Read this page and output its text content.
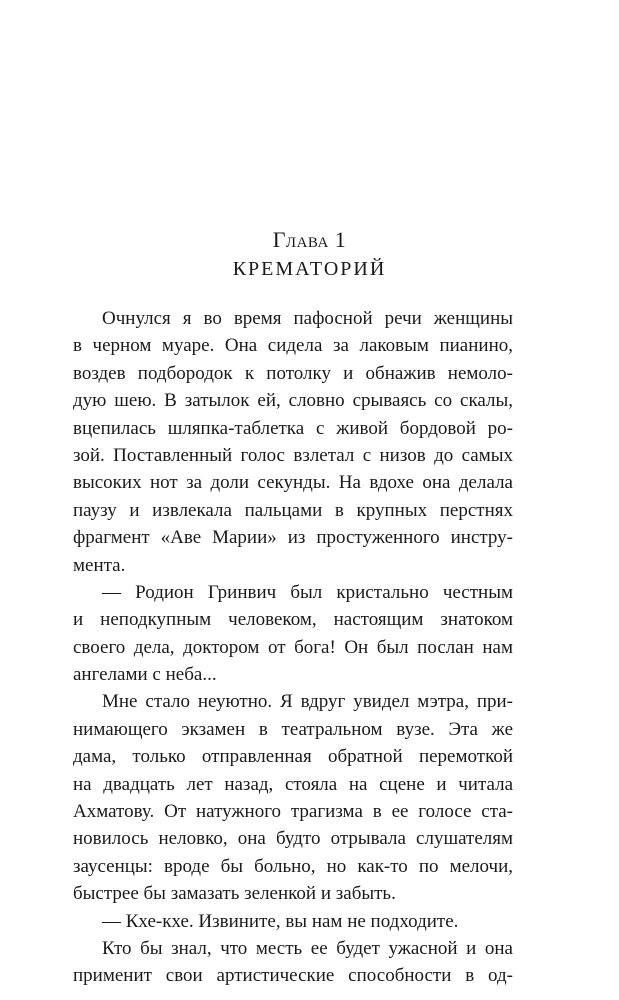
Глава 1
КРЕМАТОРИЙ
Очнулся я во время пафосной речи женщины
в черном муаре. Она сидела за лаковым пианино,
воздев подбородок к потолку и обнажив немоло-
дую шею. В затылок ей, словно срываясь со скалы,
вцепилась шляпка-таблетка с живой бордовой ро-
зой. Поставленный голос взлетал с низов до самых
высоких нот за доли секунды. На вдохе она делала
паузу и извлекала пальцами в крупных перстнях
фрагмент «Аве Марии» из простуженного инстру-
мента.
— Родион Гринвич был кристально честным
и неподкупным человеком, настоящим знатоком
своего дела, доктором от бога! Он был послан нам
ангелами с неба...
Мне стало неуютно. Я вдруг увидел мэтра, при-
нимающего экзамен в театральном вузе. Эта же
дама, только отправленная обратной перемоткой
на двадцать лет назад, стояла на сцене и читала
Ахматову. От натужного трагизма в ее голосе ста-
новилось неловко, она будто отрывала слушателям
заусенцы: вроде бы больно, но как-то по мелочи,
быстрее бы замазать зеленкой и забыть.
— Кхе-кхе. Извините, вы нам не подходите.
Кто бы знал, что месть ее будет ужасной и она
применит свои артистические способности в од-
